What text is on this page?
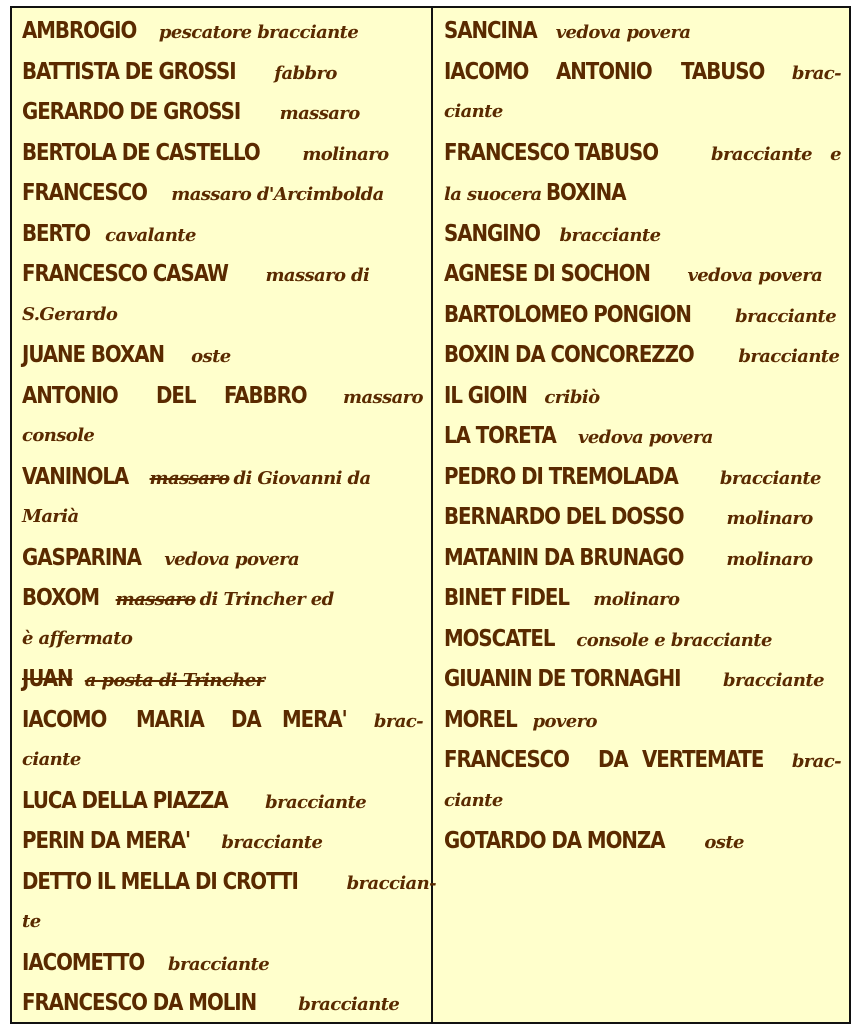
AMBROGIO pescatore bracciante
BATTISTA DE GROSSI fabbro
GERARDO DE GROSSI massaro
BERTOLA DE CASTELLO molinaro
FRANCESCO massaro d'Arcimbolda
BERTO cavalante
FRANCESCO CASAW massaro di
S.Gerardo
JUANE BOXAN oste
ANTONIO DEL FABBRO massaro
console
VANINOLA massaro di Giovanni da
Marià
GASPARINA vedova povera
BOXOM massaro di Trincher ed
è affermato
JUAN a posta di Trincher
IACOMO MARIA DA MERA' brac-
ciante
LUCA DELLA PIAZZA bracciante
PERIN DA MERA' bracciante
DETTO IL MELLA DI CROTTI	braccian-
te
IACOMETTO bracciante
FRANCESCO DA MOLIN bracciante
SANCINA vedova povera
IACOMO ANTONIO TABUSO brac-
ciante
FRANCESCO TABUSO	bracciante e
la suocera BOXINA
SANGINO bracciante
AGNESE DI SOCHON vedova povera
BARTOLOMEO PONGION bracciante
BOXIN DA CONCOREZZO bracciante
IL GIOIN cribiò
LA TORETA vedova povera
PEDRO DI TREMOLADA bracciante
BERNARDO DEL DOSSO molinaro
MATANIN DA BRUNAGO molinaro
BINET FIDEL molinaro
MOSCATEL console e bracciante
GIUANIN DE TORNAGHI bracciante
MOREL povero
FRANCESCO DA VERTEMATE brac-
ciante
GOTARDO DA MONZA oste
